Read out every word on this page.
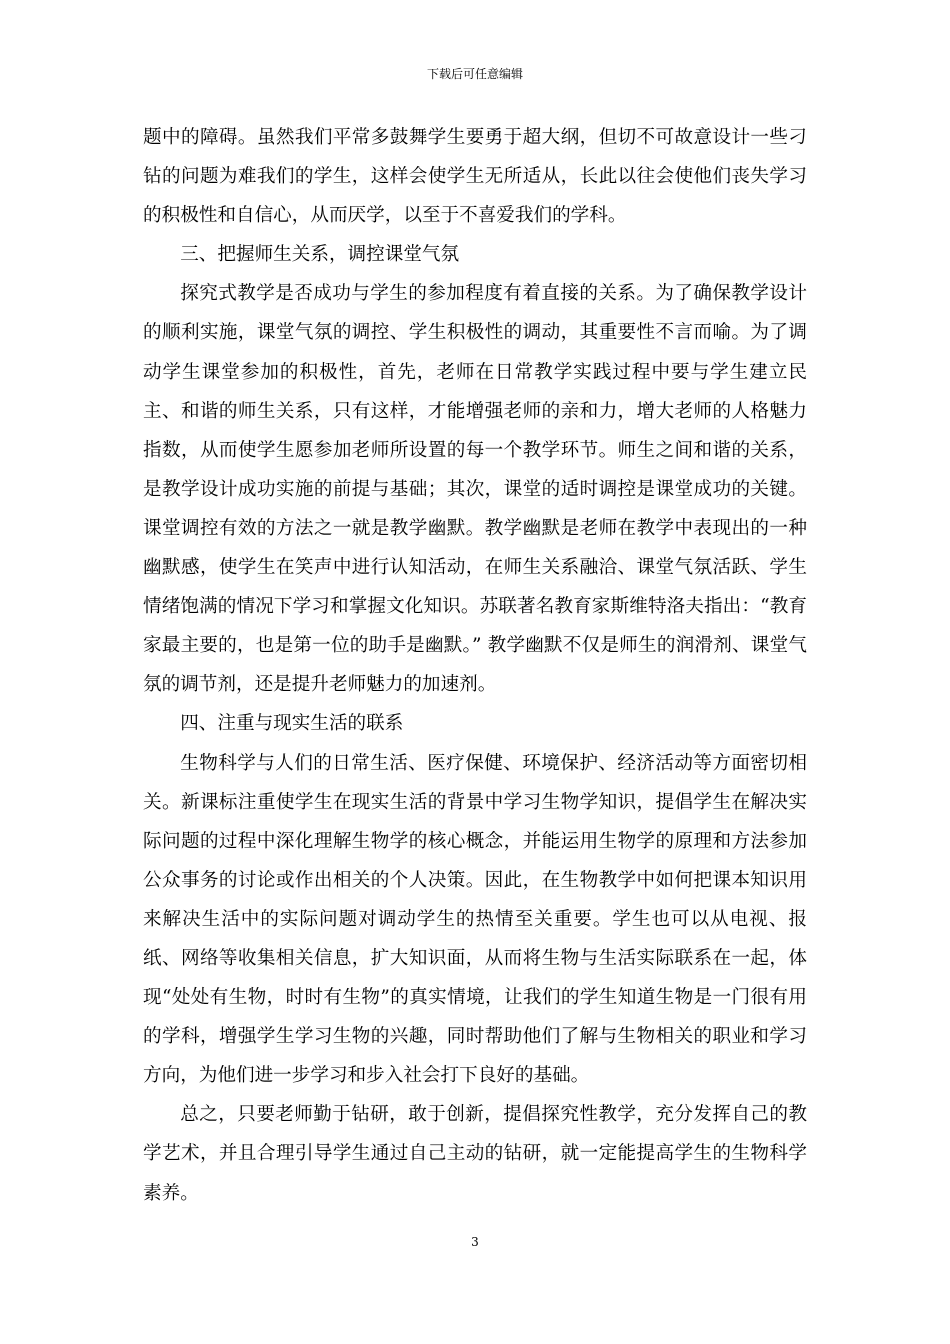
下载后可任意编辑

题中的障碍。虽然我们平常多鼓舞学生要勇于超大纲，但切不可故意设计一些刁钻的问题为难我们的学生，这样会使学生无所适从，长此以往会使他们丧失学习的积极性和自信心，从而厌学，以至于不喜爱我们的学科。

三、把握师生关系，调控课堂气氛

探究式教学是否成功与学生的参加程度有着直接的关系。为了确保教学设计的顺利实施，课堂气氛的调控、学生积极性的调动，其重要性不言而喻。为了调动学生课堂参加的积极性，首先，老师在日常教学实践过程中要与学生建立民主、和谐的师生关系，只有这样，才能增强老师的亲和力，增大老师的人格魅力指数，从而使学生愿参加老师所设置的每一个教学环节。师生之间和谐的关系，是教学设计成功实施的前提与基础；其次，课堂的适时调控是课堂成功的关键。课堂调控有效的方法之一就是教学幽默。教学幽默是老师在教学中表现出的一种幽默感，使学生在笑声中进行认知活动，在师生关系融洽、课堂气氛活跃、学生情绪饱满的情况下学习和掌握文化知识。苏联著名教育家斯维特洛夫指出：“教育家最主要的，也是第一位的助手是幽默。” 教学幽默不仅是师生的润滑剂、课堂气氛的调节剂，还是提升老师魅力的加速剂。

四、注重与现实生活的联系

生物科学与人们的日常生活、医疗保健、环境保护、经济活动等方面密切相关。新课标注重使学生在现实生活的背景中学习生物学知识，提倡学生在解决实际问题的过程中深化理解生物学的核心概念，并能运用生物学的原理和方法参加公众事务的讨论或作出相关的个人决策。因此，在生物教学中如何把课本知识用来解决生活中的实际问题对调动学生的热情至关重要。学生也可以从电视、报纸、网络等收集相关信息，扩大知识面，从而将生物与生活实际联系在一起，体现“处处有生物，时时有生物”的真实情境，让我们的学生知道生物是一门很有用的学科，增强学生学习生物的兴趣，同时帮助他们了解与生物相关的职业和学习方向，为他们进一步学习和步入社会打下良好的基础。

总之，只要老师勤于钻研，敢于创新，提倡探究性教学，充分发挥自己的教学艺术，并且合理引导学生通过自己主动的钻研，就一定能提高学生的生物科学素养。

3
